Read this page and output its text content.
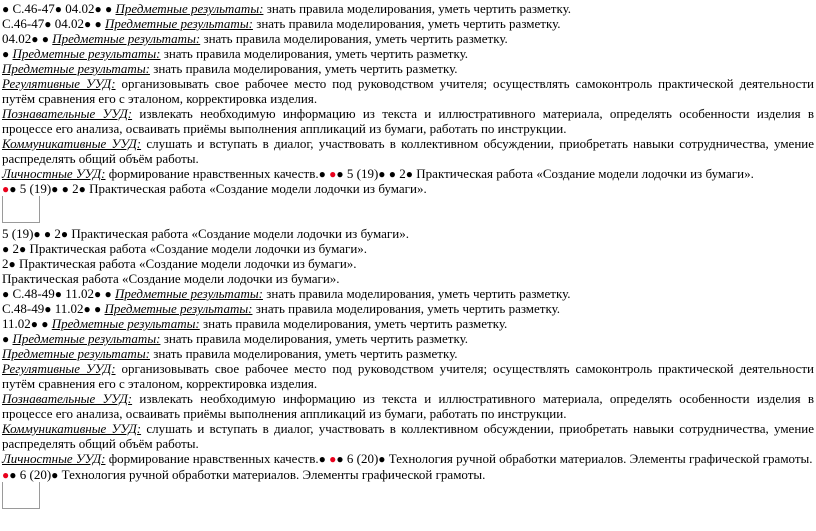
● С.46-47● 04.02● ● Предметные результаты: знать правила моделирования, уметь чертить разметку.
С.46-47● 04.02● ● Предметные результаты: знать правила моделирования, уметь чертить разметку.
04.02● ● Предметные результаты: знать правила моделирования, уметь чертить разметку.
● Предметные результаты: знать правила моделирования, уметь чертить разметку.
Предметные результаты: знать правила моделирования, уметь чертить разметку.
Регулятивные УУД: организовывать свое рабочее место под руководством учителя; осуществлять самоконтроль практической деятельности путём сравнения его с эталоном, корректировка изделия.
Познавательные УУД: извлекать необходимую информацию из текста и иллюстративного материала, определять особенности изделия в процессе его анализа, осваивать приёмы выполнения аппликаций из бумаги, работать по инструкции.
Коммуникативные УУД: слушать и вступать в диалог, участвовать в коллективном обсуждении, приобретать навыки сотрудничества, умение распределять общий объём работы.
Личностные УУД: формирование нравственных качеств.● ●● 5 (19)● ● 2● Практическая работа «Создание модели лодочки из бумаги».
●● 5 (19)● ● 2● Практическая работа «Создание модели лодочки из бумаги».
5 (19)● ● 2● Практическая работа «Создание модели лодочки из бумаги».
● 2● Практическая работа «Создание модели лодочки из бумаги».
2● Практическая работа «Создание модели лодочки из бумаги».
Практическая работа «Создание модели лодочки из бумаги».
● С.48-49● 11.02● ● Предметные результаты: знать правила моделирования, уметь чертить разметку.
С.48-49● 11.02● ● Предметные результаты: знать правила моделирования, уметь чертить разметку.
11.02● ● Предметные результаты: знать правила моделирования, уметь чертить разметку.
● Предметные результаты: знать правила моделирования, уметь чертить разметку.
Предметные результаты: знать правила моделирования, уметь чертить разметку.
Регулятивные УУД: организовывать свое рабочее место под руководством учителя; осуществлять самоконтроль практической деятельности путём сравнения его с эталоном, корректировка изделия.
Познавательные УУД: извлекать необходимую информацию из текста и иллюстративного материала, определять особенности изделия в процессе его анализа, осваивать приёмы выполнения аппликаций из бумаги, работать по инструкции.
Коммуникативные УУД: слушать и вступать в диалог, участвовать в коллективном обсуждении, приобретать навыки сотрудничества, умение распределять общий объём работы.
Личностные УУД: формирование нравственных качеств.● ●● 6 (20)● Технология ручной обработки материалов. Элементы графической грамоты.
●● 6 (20)● Технология ручной обработки материалов. Элементы графической грамоты.
